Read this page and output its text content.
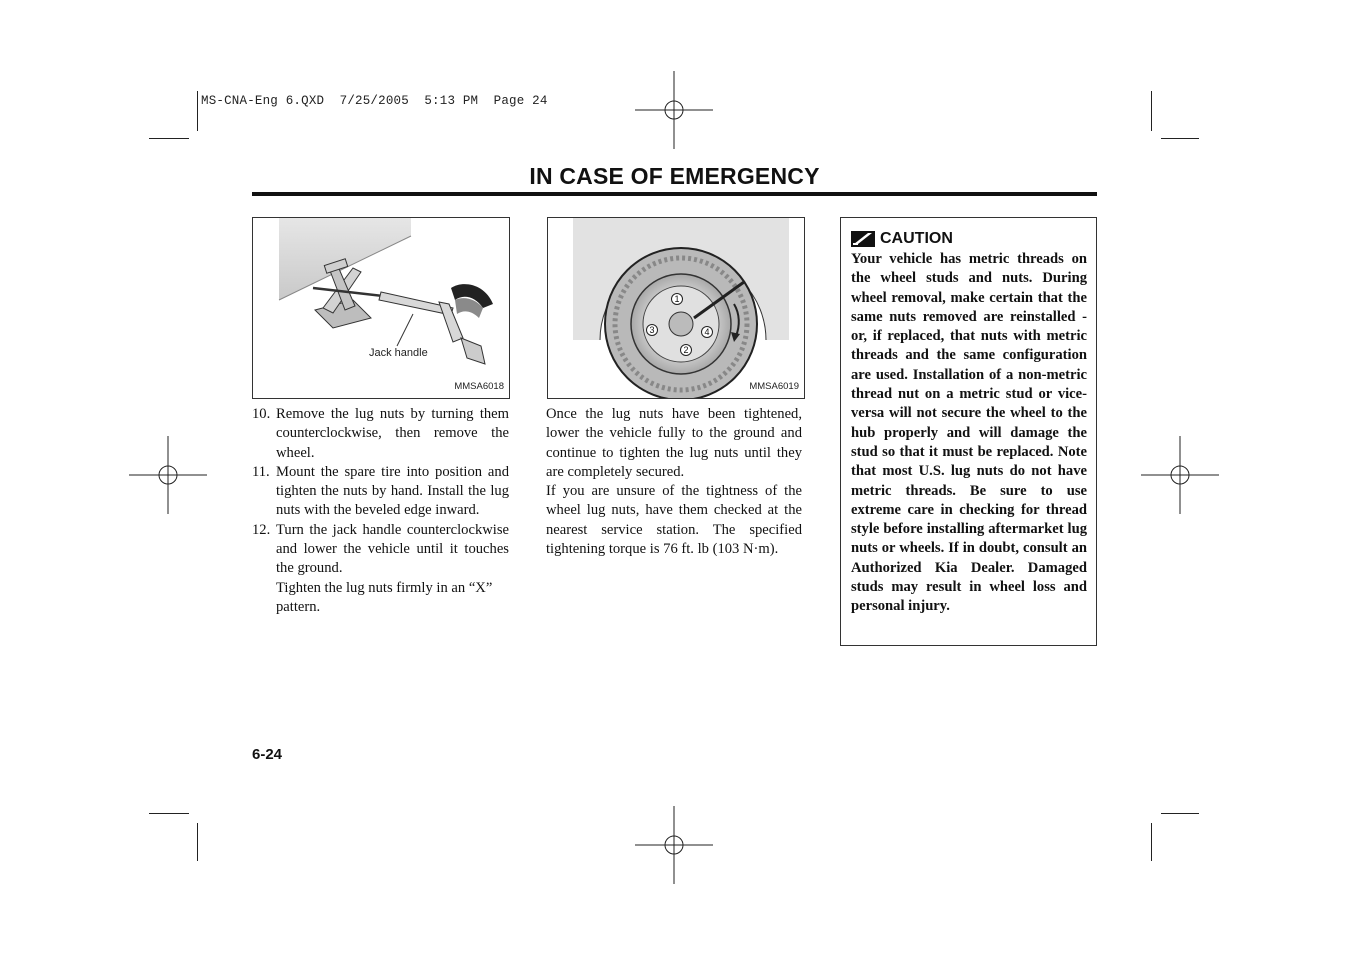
MS-CNA-Eng 6.QXD  7/25/2005  5:13 PM  Page 24
IN CASE OF EMERGENCY
Jack handle
MMSA6018
1
2
3	4
MMSA6019
10. Remove the lug nuts by turning them counterclockwise, then remove the wheel.
11. Mount the spare tire into position and tighten the nuts by hand. Install the lug nuts with the beveled edge inward.
12. Turn the jack handle counterclockwise and lower the vehicle until it touches the ground.

Tighten the lug nuts firmly in an “X” pattern.

Once the lug nuts have been tightened, lower the vehicle fully to the ground and continue to tighten the lug nuts until they are completely secured.

If you are unsure of the tightness of the wheel lug nuts, have them checked at the nearest service station. The specified tightening torque is 76 ft. lb (103 N·m).

CAUTION
Your vehicle has metric threads on the wheel studs and nuts. During wheel removal, make certain that the same nuts removed are reinstalled - or, if replaced, that nuts with metric threads and the same configuration are used. Installation of a non-metric thread nut on a metric stud or vice-versa will not secure the wheel to the hub properly and will damage the stud so that it must be replaced. Note that most U.S. lug nuts do not have metric threads. Be sure to use extreme care in checking for thread style before installing aftermarket lug nuts or wheels. If in doubt, consult an Authorized Kia Dealer. Damaged studs may result in wheel loss and personal injury.
6-24
